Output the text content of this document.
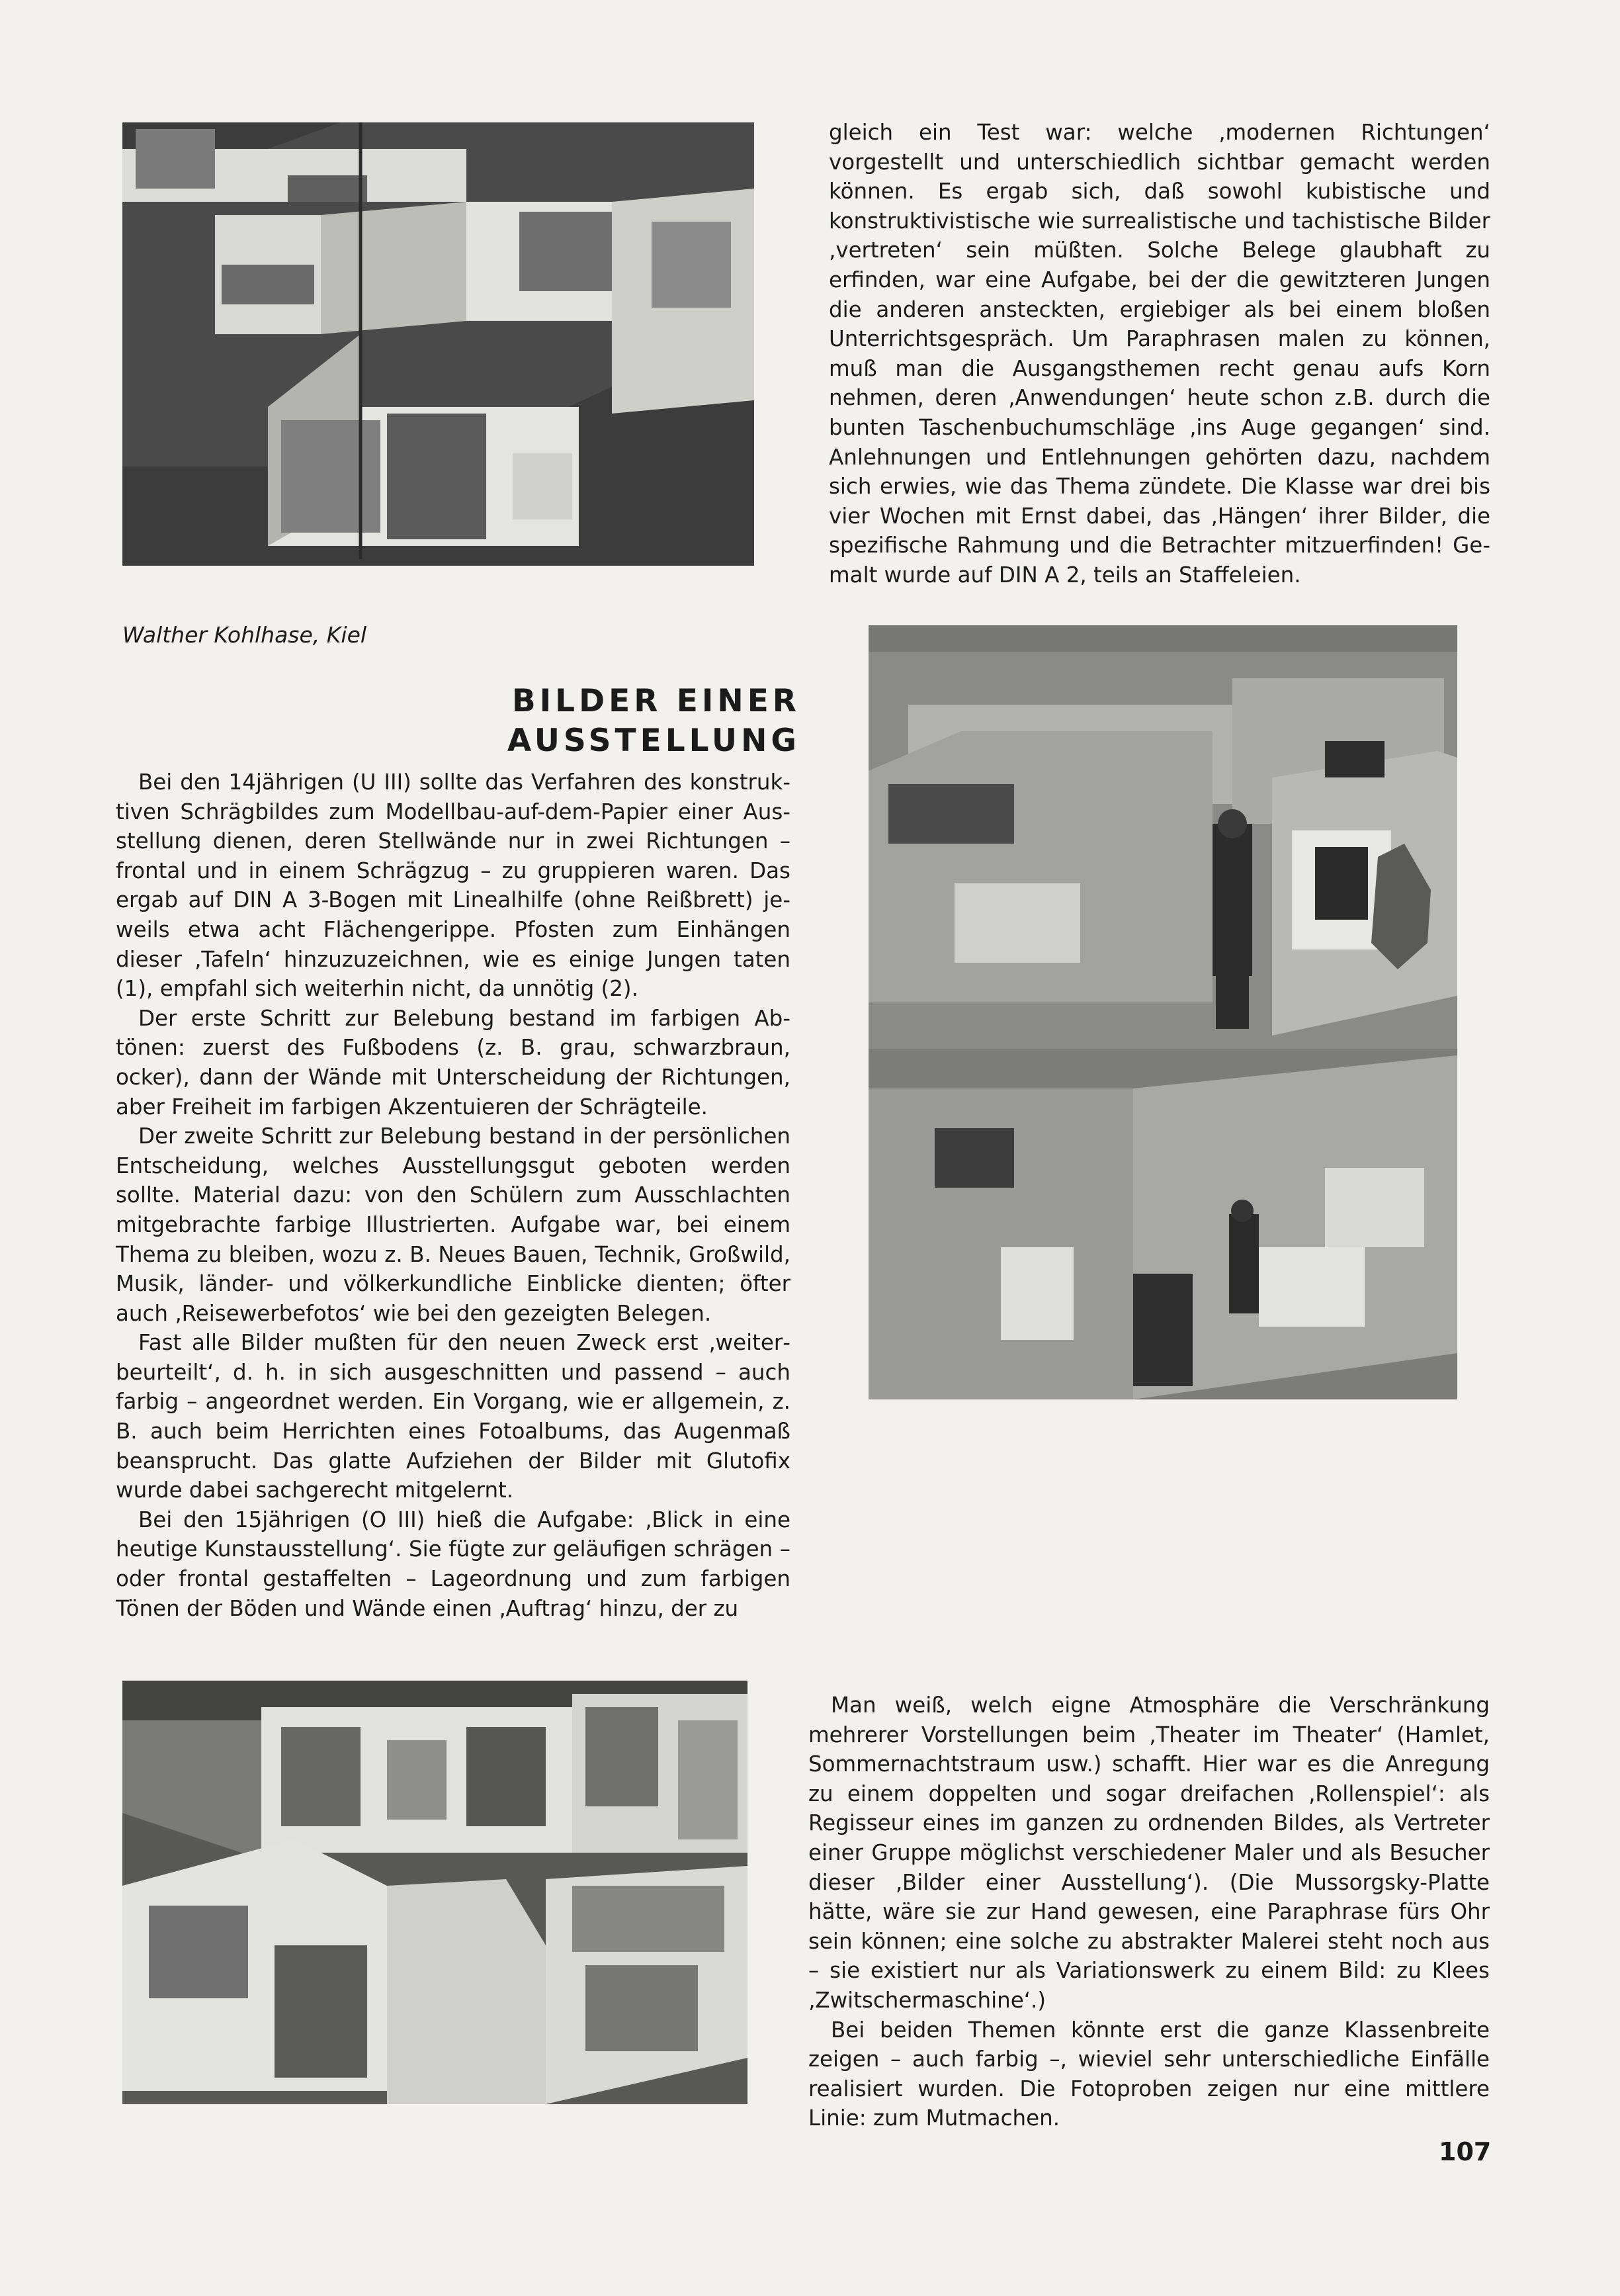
gleich ein Test war: welche ‚modernen Richtungen‘ vorgestellt und unterschiedlich sichtbar gemacht werden können. Es ergab sich, daß sowohl kubistische und konstruktivistische wie surrealistische und tachistische Bilder ‚vertreten‘ sein müßten. Solche Belege glaubhaft zu erfinden, war eine Aufgabe, bei der die gewitzteren Jungen die anderen ansteckten, ergiebiger als bei einem bloßen Unterrichtsgespräch. Um Paraphrasen malen zu können, muß man die Ausgangsthemen recht genau aufs Korn nehmen, deren ‚Anwendungen‘ heute schon z.B. durch die bunten Taschenbuchumschläge ‚ins Auge gegangen‘ sind. Anlehnungen und Entlehnungen gehörten dazu, nachdem sich erwies, wie das Thema zündete. Die Klasse war drei bis vier Wochen mit Ernst dabei, das ‚Hängen‘ ihrer Bilder, die spezifische Rahmung und die Betrachter mitzuerfinden! Gemalt wurde auf DIN A 2, teils an Staffeleien.

Walther Kohlhase, Kiel
BILDER EINER AUSSTELLUNG

Bei den 14jährigen (U III) sollte das Verfahren des konstruktiven Schrägbildes zum Modellbau-auf-dem-Papier einer Ausstellung dienen, deren Stellwände nur in zwei Richtungen – frontal und in einem Schrägzug – zu gruppieren waren. Das ergab auf DIN A 3-Bogen mit Linealhilfe (ohne Reißbrett) jeweils etwa acht Flächengerippe. Pfosten zum Einhängen dieser ‚Tafeln‘ hinzuzuzeichnen, wie es einige Jungen taten (1), empfahl sich weiterhin nicht, da unnötig (2).

Der erste Schritt zur Belebung bestand im farbigen Abtönen: zuerst des Fußbodens (z. B. grau, schwarzbraun, ocker), dann der Wände mit Unterscheidung der Richtungen, aber Freiheit im farbigen Akzentuieren der Schrägteile.

Der zweite Schritt zur Belebung bestand in der persönlichen Entscheidung, welches Ausstellungsgut geboten werden sollte. Material dazu: von den Schülern zum Ausschlachten mitgebrachte farbige Illustrierten. Aufgabe war, bei einem Thema zu bleiben, wozu z. B. Neues Bauen, Technik, Großwild, Musik, länder- und völkerkundliche Einblicke dienten; öfter auch ‚Reisewerbefotos‘ wie bei den gezeigten Belegen.

Fast alle Bilder mußten für den neuen Zweck erst ‚weiterbeurteilt‘, d. h. in sich ausgeschnitten und passend – auch farbig – angeordnet werden. Ein Vorgang, wie er allgemein, z. B. auch beim Herrichten eines Fotoalbums, das Augenmaß beansprucht. Das glatte Aufziehen der Bilder mit Glutofix wurde dabei sachgerecht mitgelernt.

Bei den 15jährigen (O III) hieß die Aufgabe: ‚Blick in eine heutige Kunstausstellung‘. Sie fügte zur geläufigen schrägen – oder frontal gestaffelten – Lageordnung und zum farbigen Tönen der Böden und Wände einen ‚Auftrag‘ hinzu, der zu

Man weiß, welch eigne Atmosphäre die Verschränkung mehrerer Vorstellungen beim ‚Theater im Theater‘ (Hamlet, Sommernachtstraum usw.) schafft. Hier war es die Anregung zu einem doppelten und sogar dreifachen ‚Rollenspiel‘: als Regisseur eines im ganzen zu ordnenden Bildes, als Vertreter einer Gruppe möglichst verschiedener Maler und als Besucher dieser ‚Bilder einer Ausstellung‘). (Die Mussorgsky-Platte hätte, wäre sie zur Hand gewesen, eine Paraphrase fürs Ohr sein können; eine solche zu abstrakter Malerei steht noch aus – sie existiert nur als Variationswerk zu einem Bild: zu Klees ‚Zwitschermaschine‘.)

Bei beiden Themen könnte erst die ganze Klassenbreite zeigen – auch farbig –, wieviel sehr unterschiedliche Einfälle realisiert wurden. Die Fotoproben zeigen nur eine mittlere Linie: zum Mutmachen.

107
